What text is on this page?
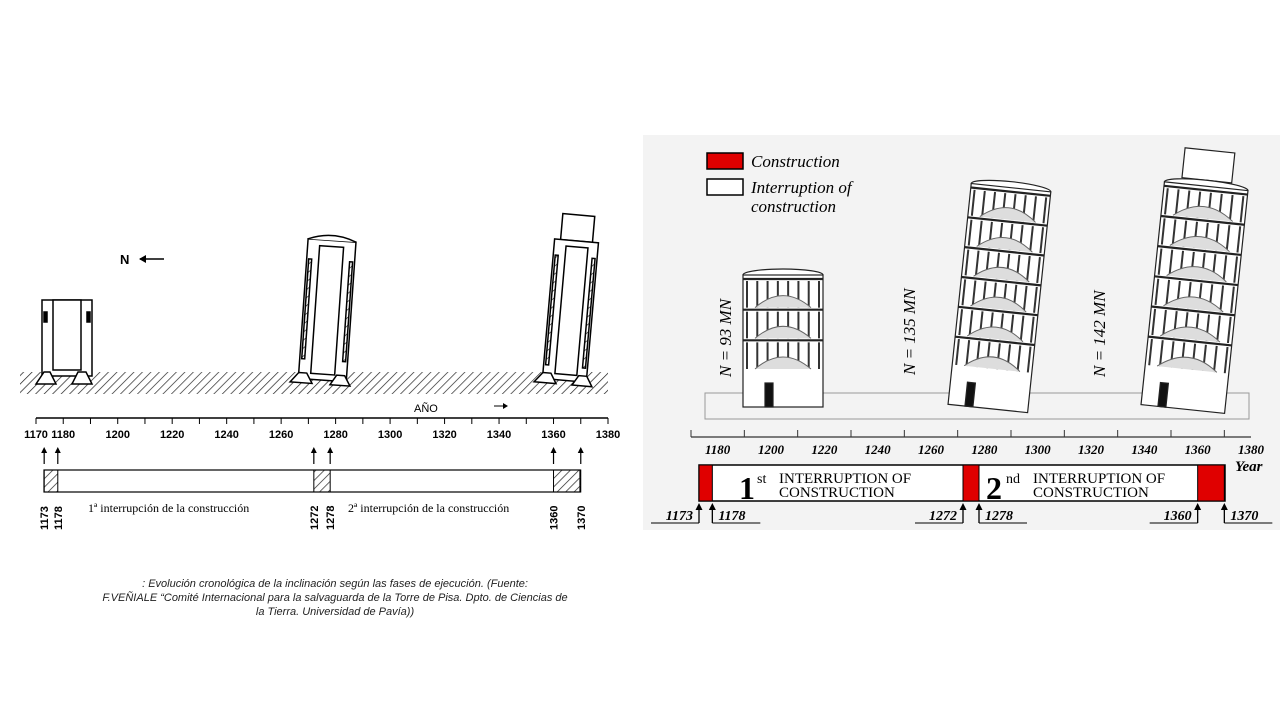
N
AÑO
1170 1180	1200	1220	1240	1260	1280	1300	1320	1340	1360	1380
1173 1178	1272 1278	1360 1370
1ª interrupción de la construcción	2ª interrupción de la construcción
: Evolución cronológica de la inclinación según las fases de ejecución. (Fuente:
F.VEÑIALE “Comité Internacional para la salvaguarda de la Torre de Pisa. Dpto. de Ciencias de
la Tierra. Universidad de Pavía))
Construction
Interruption of
construction
N = 93 MN	N = 135 MN	N = 142 MN
1180 1200 1220 1240 1260 1280 1300 1320 1340 1360 1380
Year
1 st INTERRUPTION OF
CONSTRUCTION	2 nd INTERRUPTION OF
CONSTRUCTION
1173 1178	1272 1278	1360	1370
